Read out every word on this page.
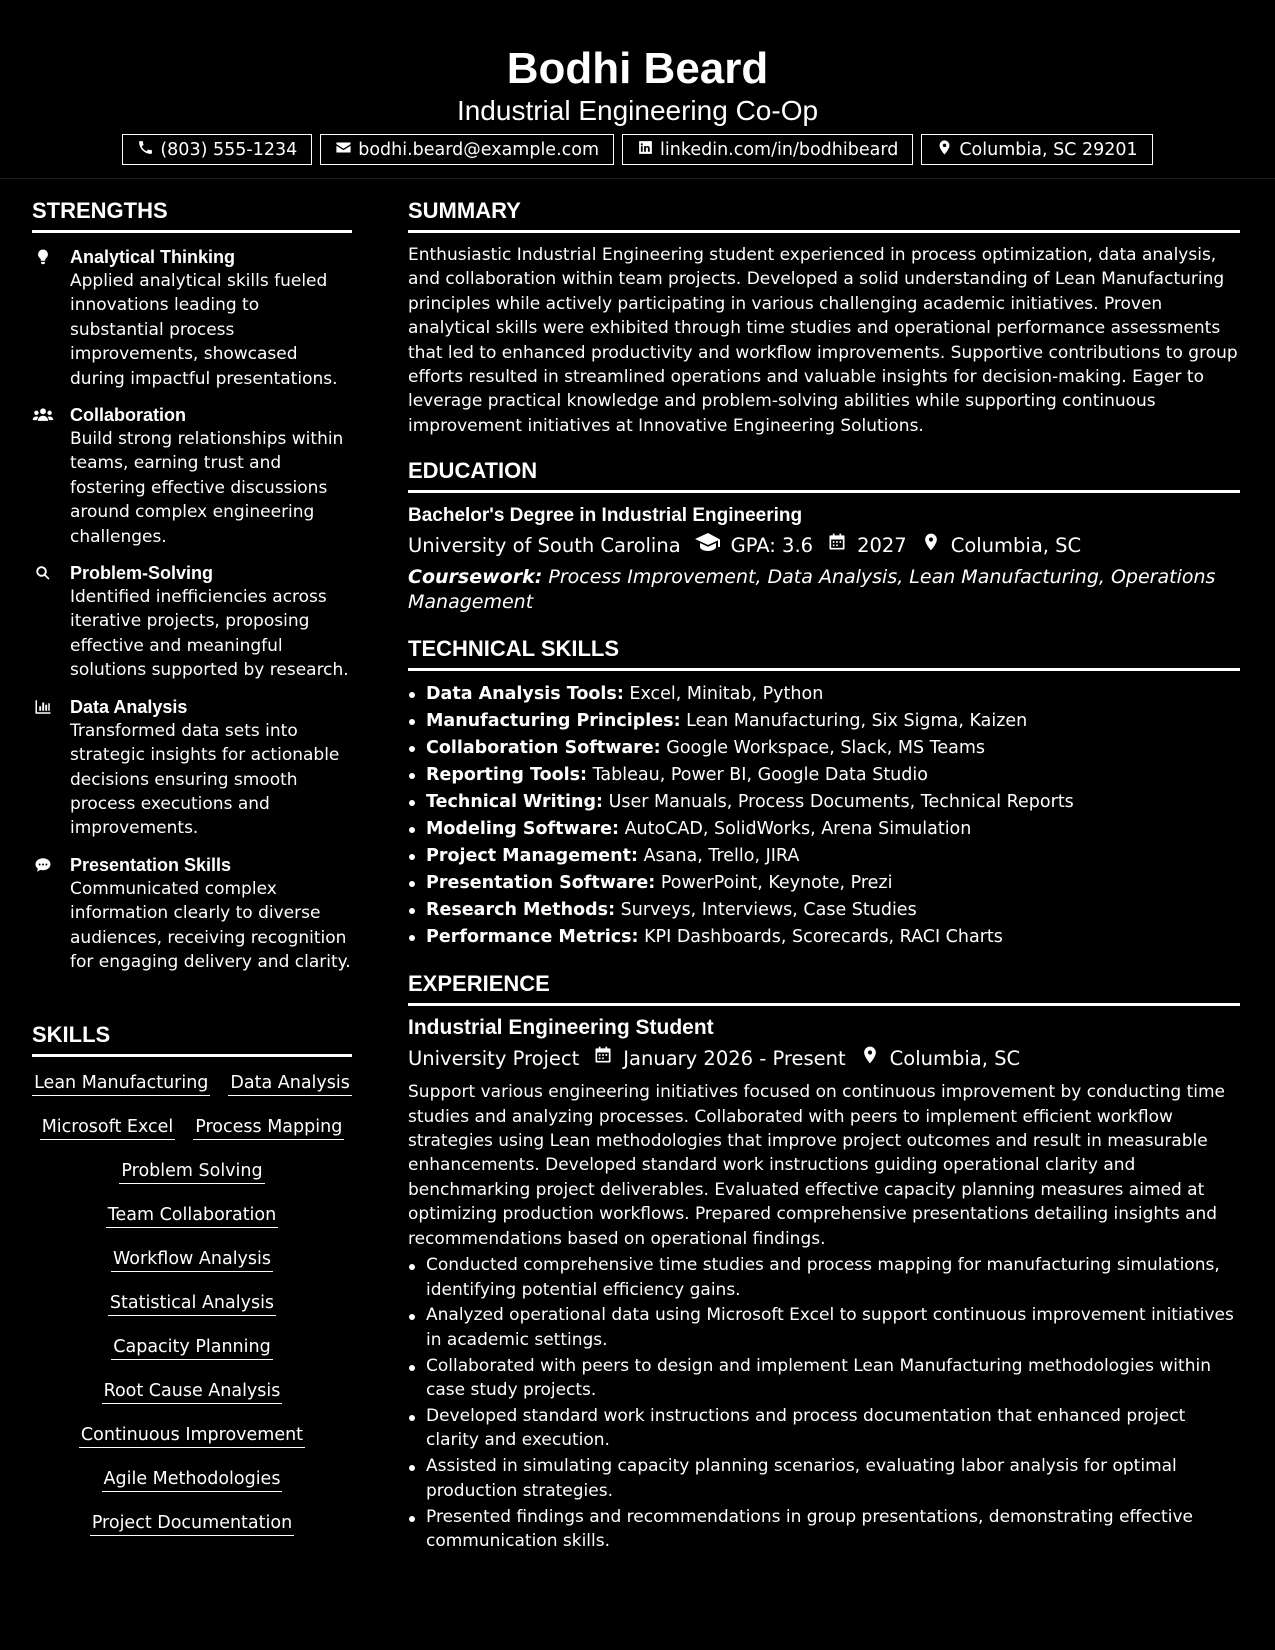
Bodhi Beard
Industrial Engineering Co-Op
(803) 555-1234	bodhi.beard@example.com	linkedin.com/in/bodhibeard	Columbia, SC 29201
STRENGTHS
Analytical Thinking
Applied analytical skills fueled innovations leading to substantial process improvements, showcased during impactful presentations.
Collaboration
Build strong relationships within teams, earning trust and fostering effective discussions around complex engineering challenges.
Problem-Solving
Identified inefficiencies across iterative projects, proposing effective and meaningful solutions supported by research.
Data Analysis
Transformed data sets into strategic insights for actionable decisions ensuring smooth process executions and improvements.
Presentation Skills
Communicated complex information clearly to diverse audiences, receiving recognition for engaging delivery and clarity.
SKILLS
Lean Manufacturing Data Analysis
Microsoft Excel Process Mapping
Problem Solving
Team Collaboration
Workflow Analysis
Statistical Analysis
Capacity Planning
Root Cause Analysis
Continuous Improvement
Agile Methodologies
Project Documentation
SUMMARY
Enthusiastic Industrial Engineering student experienced in process optimization, data analysis, and collaboration within team projects. Developed a solid understanding of Lean Manufacturing principles while actively participating in various challenging academic initiatives. Proven analytical skills were exhibited through time studies and operational performance assessments that led to enhanced productivity and workflow improvements. Supportive contributions to group efforts resulted in streamlined operations and valuable insights for decision-making. Eager to leverage practical knowledge and problem-solving abilities while supporting continuous improvement initiatives at Innovative Engineering Solutions.
EDUCATION
Bachelor's Degree in Industrial Engineering
University of South Carolina	GPA: 3.6 2027 Columbia, SC
Coursework: Process Improvement, Data Analysis, Lean Manufacturing, Operations Management
TECHNICAL SKILLS
Data Analysis Tools: Excel, Minitab, Python
Manufacturing Principles: Lean Manufacturing, Six Sigma, Kaizen
Collaboration Software: Google Workspace, Slack, MS Teams
Reporting Tools: Tableau, Power BI, Google Data Studio
Technical Writing: User Manuals, Process Documents, Technical Reports
Modeling Software: AutoCAD, SolidWorks, Arena Simulation
Project Management: Asana, Trello, JIRA
Presentation Software: PowerPoint, Keynote, Prezi
Research Methods: Surveys, Interviews, Case Studies
Performance Metrics: KPI Dashboards, Scorecards, RACI Charts
EXPERIENCE
Industrial Engineering Student
University Project January 2026 - Present Columbia, SC
Support various engineering initiatives focused on continuous improvement by conducting time studies and analyzing processes. Collaborated with peers to implement efficient workflow strategies using Lean methodologies that improve project outcomes and result in measurable enhancements. Developed standard work instructions guiding operational clarity and benchmarking project deliverables. Evaluated effective capacity planning measures aimed at optimizing production workflows. Prepared comprehensive presentations detailing insights and recommendations based on operational findings.
Conducted comprehensive time studies and process mapping for manufacturing simulations, identifying potential efficiency gains.
Analyzed operational data using Microsoft Excel to support continuous improvement initiatives in academic settings.
Collaborated with peers to design and implement Lean Manufacturing methodologies within case study projects.
Developed standard work instructions and process documentation that enhanced project clarity and execution.
Assisted in simulating capacity planning scenarios, evaluating labor analysis for optimal production strategies.
Presented findings and recommendations in group presentations, demonstrating effective communication skills.
